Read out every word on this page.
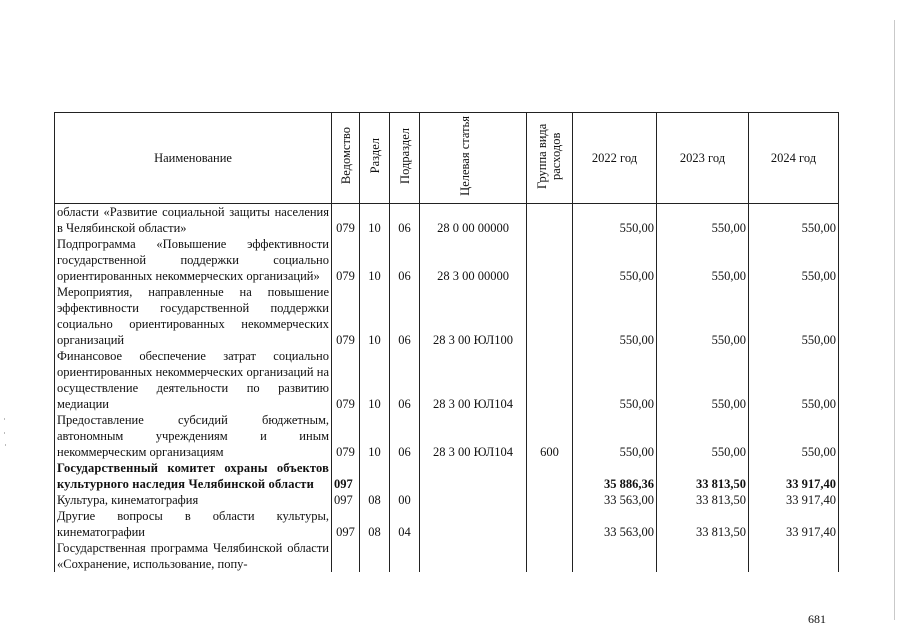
Наименование	Ведомство	Раздел	Подраздел	Целевая статья	Группа вида расходов	2022 год	2023 год	2024 год
области «Развитие социальной защиты населения в Челябинской области»	079	10	06	28 0 00 00000		550,00	550,00	550,00
Подпрограмма «Повышение эффективности государственной поддержки социально ориентированных некоммерческих организаций»	079	10	06	28 3 00 00000		550,00	550,00	550,00
Мероприятия, направленные на повышение эффективности государственной поддержки социально ориентированных некоммерческих организаций	079	10	06	28 3 00 ЮЛ100		550,00	550,00	550,00
Финансовое обеспечение затрат социально ориентированных некоммерческих организаций на осуществление деятельности по развитию медиации	079	10	06	28 3 00 ЮЛ104		550,00	550,00	550,00
Предоставление субсидий бюджетным, автономным учреждениям и иным некоммерческим организациям	079	10	06	28 3 00 ЮЛ104	600	550,00	550,00	550,00
Государственный комитет охраны объектов культурного наследия Челябинской области	097					35 886,36	33 813,50	33 917,40
Культура, кинематография	097	08	00			33 563,00	33 813,50	33 917,40
Другие вопросы в области культуры, кинематографии	097	08	04			33 563,00	33 813,50	33 917,40
Государственная программа Челябинской области «Сохранение, использование, попу-								
681
